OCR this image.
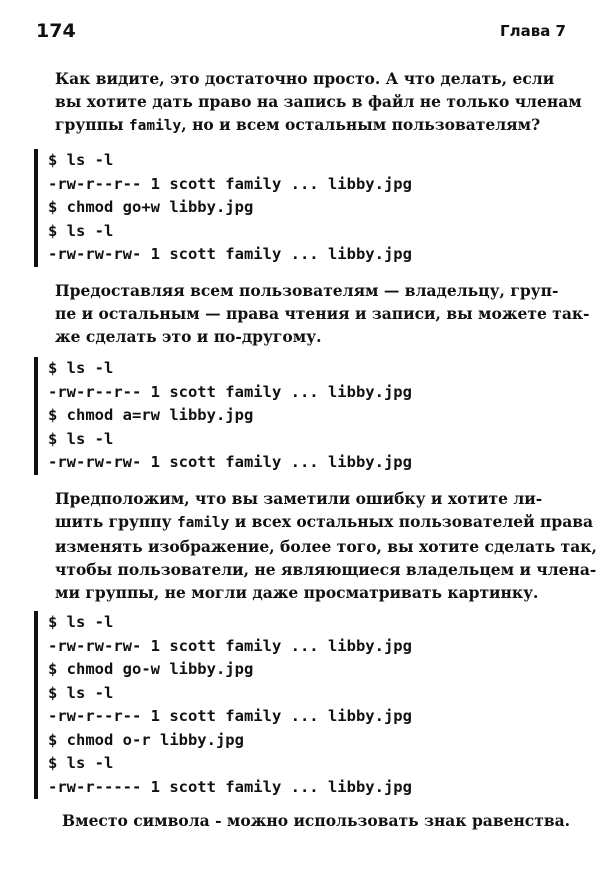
174	Глава 7

Как видите, это достаточно просто. А что делать, если
вы хотите дать право на запись в файл не только членам
группы family, но и всем остальным пользователям?

$ ls -l
-rw-r--r-- 1 scott family ... libby.jpg
$ chmod go+w libby.jpg
$ ls -l
-rw-rw-rw- 1 scott family ... libby.jpg

Предоставляя всем пользователям — владельцу, груп-
пе и остальным — права чтения и записи, вы можете так-
же сделать это и по-другому.

$ ls -l
-rw-r--r-- 1 scott family ... libby.jpg
$ chmod a=rw libby.jpg
$ ls -l
-rw-rw-rw- 1 scott family ... libby.jpg

Предположим, что вы заметили ошибку и хотите ли-
шить группу family и всех остальных пользователей права
изменять изображение, более того, вы хотите сделать так,
чтобы пользователи, не являющиеся владельцем и члена-
ми группы, не могли даже просматривать картинку.

$ ls -l
-rw-rw-rw- 1 scott family ... libby.jpg
$ chmod go-w libby.jpg
$ ls -l
-rw-r--r-- 1 scott family ... libby.jpg
$ chmod o-r libby.jpg
$ ls -l
-rw-r----- 1 scott family ... libby.jpg
Вместо символа - можно использовать знак равенства.
